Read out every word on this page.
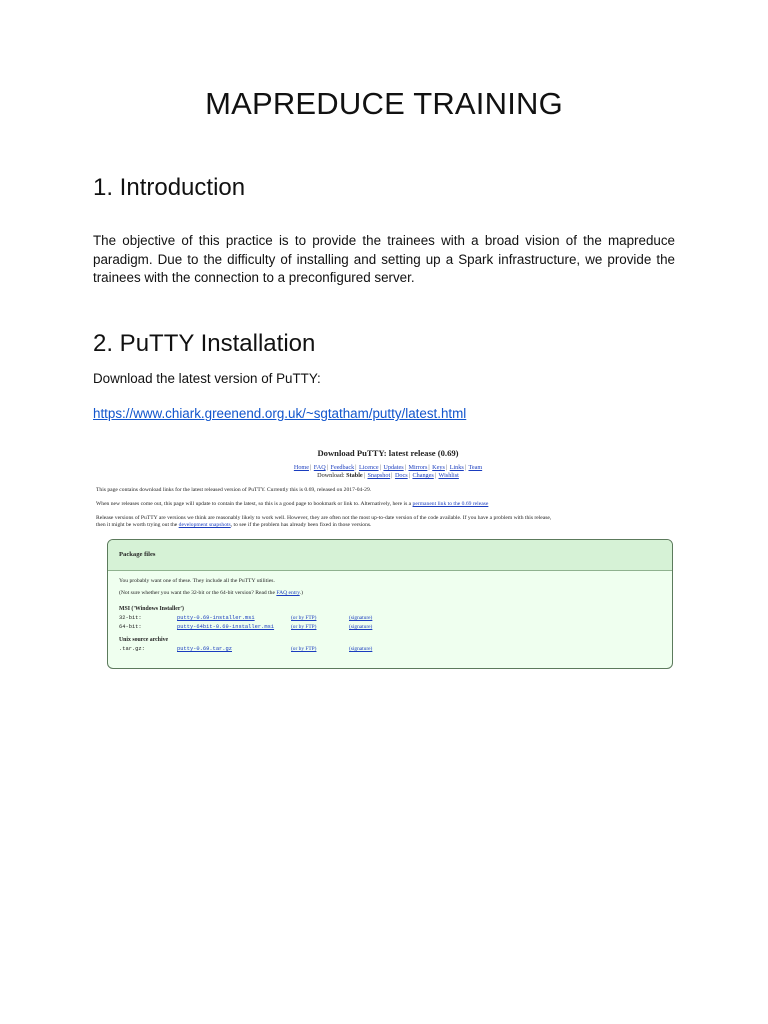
MAPREDUCE TRAINING
1. Introduction

The objective of this practice is to provide the trainees with a broad vision of the mapreduce paradigm. Due to the difficulty of installing and setting up a Spark infrastructure, we provide the trainees with the connection to a preconfigured server.

2. PuTTY Installation

Download the latest version of PuTTY:

https://www.chiark.greenend.org.uk/~sgtatham/putty/latest.html
Download PuTTY: latest release (0.69)
Home| FAQ| Feedback| Licence| Updates| Mirrors| Keys| Links| Team
Download: Stable| Snapshot| Docs| Changes| Wishlist

This page contains download links for the latest released version of PuTTY. Currently this is 0.69, released on 2017-04-29.

When new releases come out, this page will update to contain the latest, so this is a good page to bookmark or link to. Alternatively, here is a permanent link to the 0.69 release

Release versions of PuTTY are versions we think are reasonably likely to work well. However, they are often not the most up-to-date version of the code available. If you have a problem with this release,
then it might be worth trying out the development snapshots, to see if the problem has already been fixed in those versions.

Package files
You probably want one of these. They include all the PuTTY utilities.
(Not sure whether you want the 32-bit or the 64-bit version? Read the FAQ entry.)
MSI ('Windows Installer')
32-bit:	putty-0.69-installer.msi	(or by FTP)	(signature)
64-bit:	putty-64bit-0.69-installer.msi	(or by FTP)	(signature)
Unix source archive
.tar.gz:	putty-0.69.tar.gz	(or by FTP)	(signature)
